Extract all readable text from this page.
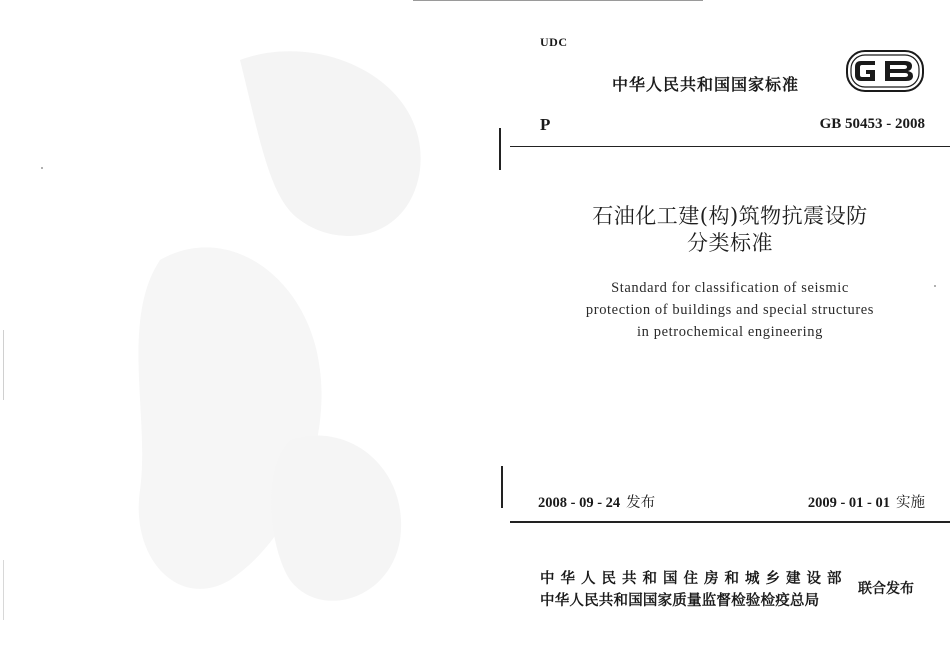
UDC
中华人民共和国国家标准
P	GB 50453 - 2008
石油化工建(构)筑物抗震设防
分类标准
Standard for classification of seismic
protection of buildings and special structures
in petrochemical engineering
2008 - 09 - 24 发布	2009 - 01 - 01 实施
中华人民共和国住房和城乡建设部
中华人民共和国国家质量监督检验检疫总局
联合发布
